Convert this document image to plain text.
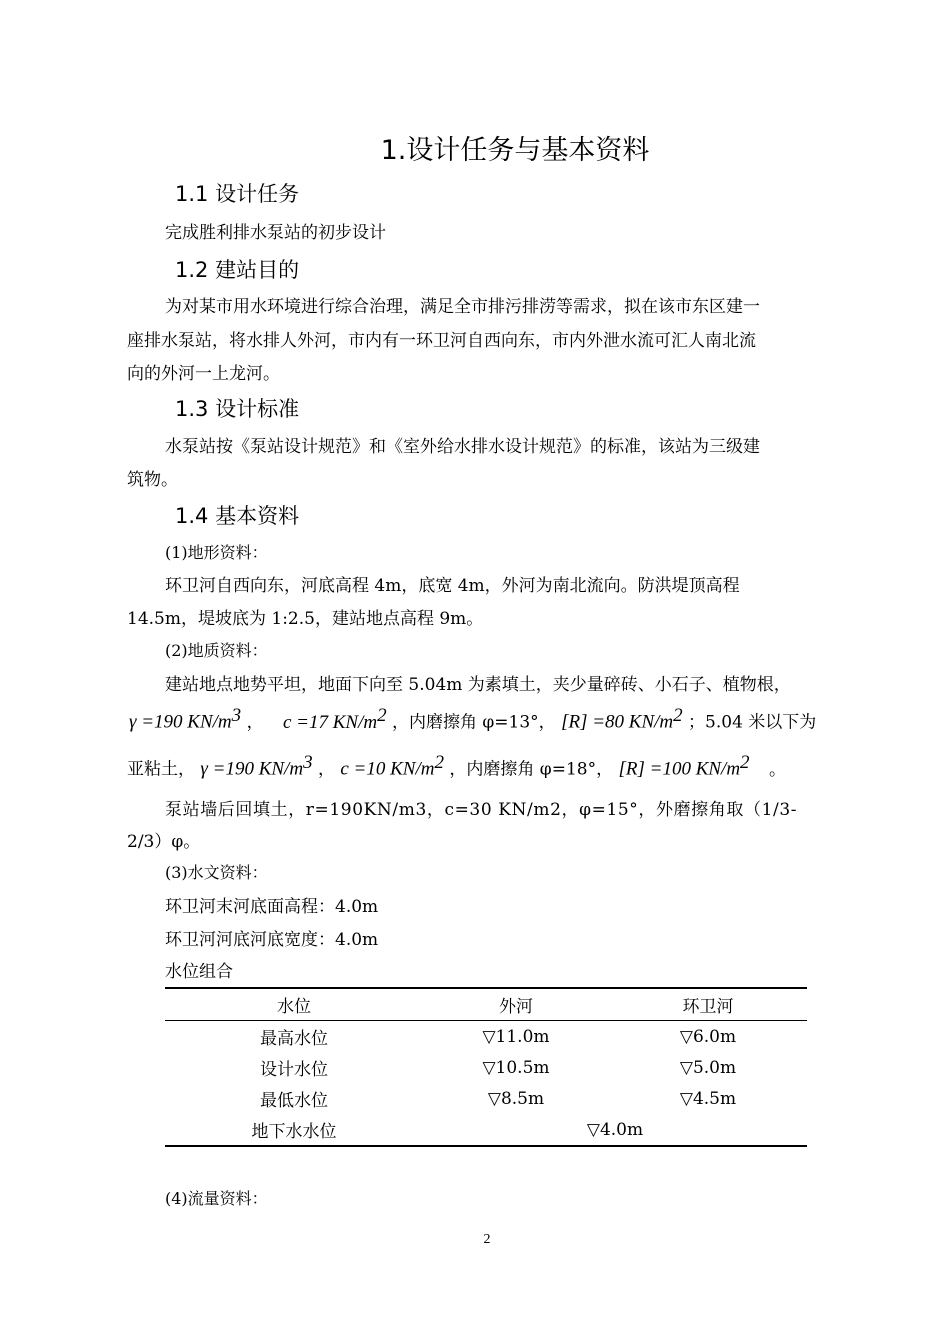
1.设计任务与基本资料
1.1 设计任务
完成胜利排水泵站的初步设计
1.2 建站目的
为对某市用水环境进行综合治理，满足全市排污排涝等需求，拟在该市东区建一
座排水泵站，将水排人外河，市内有一环卫河自西向东，市内外泄水流可汇人南北流
向的外河一上龙河。
1.3 设计标准
水泵站按《泵站设计规范》和《室外给水排水设计规范》的标准，该站为三级建
筑物。
1.4 基本资料
(1)地形资料：
环卫河自西向东，河底高程 4m，底宽 4m，外河为南北流向。防洪堤顶高程
14.5m，堤坡底为 1:2.5，建站地点高程 9m。
(2)地质资料：
建站地点地势平坦，地面下向至 5.04m 为素填土，夹少量碎砖、小石子、植物根，
γ =190 $KN/m^3$ ， c =17 $KN/m^2$ ，内磨擦角 φ=13°， [R] =80 $KN/m^2$ ；5.04 米以下为
亚粘土， γ =190 $KN/m^3$ ， c =10 $KN/m^2$ ，内磨擦角 φ=18°， [R] =100 $KN/m^2$ 。
泵站墙后回填土，r=190KN/m3，c=30 KN/m2，φ=15°，外磨擦角取（1/3-
2/3）φ。
(3)水文资料：
环卫河末河底面高程：4.0m
环卫河河底河底宽度：4.0m
水位组合
水位	外河	环卫河
最高水位	▽11.0m	▽6.0m
设计水位	▽10.5m	▽5.0m
最低水位	▽8.5m	▽4.5m
地下水水位	▽4.0m
(4)流量资料：
2
